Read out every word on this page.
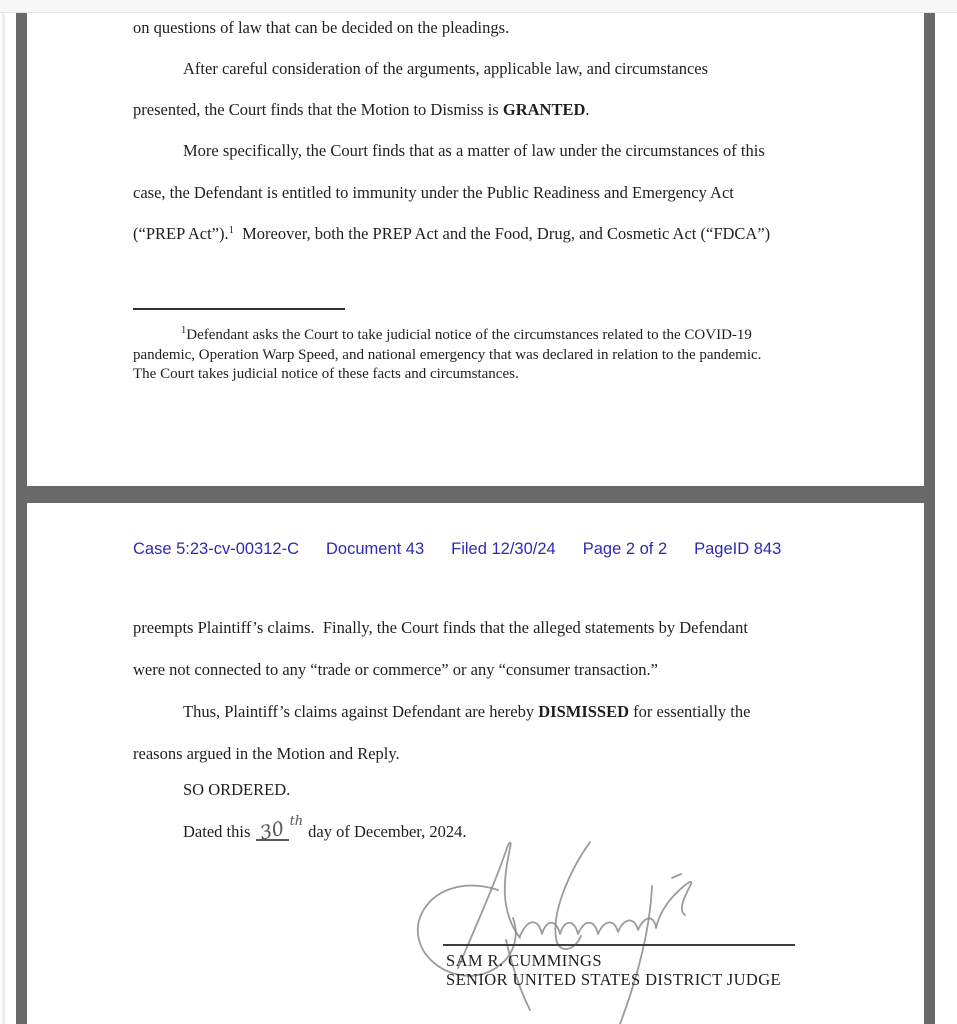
on questions of law that can be decided on the pleadings.
After careful consideration of the arguments, applicable law, and circumstances
presented, the Court finds that the Motion to Dismiss is GRANTED.
More specifically, the Court finds that as a matter of law under the circumstances of this
case, the Defendant is entitled to immunity under the Public Readiness and Emergency Act
(“PREP Act”).$^1$  Moreover, both the PREP Act and the Food, Drug, and Cosmetic Act (“FDCA”)
$^1$Defendant asks the Court to take judicial notice of the circumstances related to the COVID-19
pandemic, Operation Warp Speed, and national emergency that was declared in relation to the pandemic.
The Court takes judicial notice of these facts and circumstances.
Case 5:23-cv-00312-C Document 43 Filed 12/30/24 Page 2 of 2 PageID 843
preempts Plaintiff’s claims.  Finally, the Court finds that the alleged statements by Defendant
were not connected to any “trade or commerce” or any “consumer transaction.”
Thus, Plaintiff’s claims against Defendant are hereby DISMISSED for essentially the
reasons argued in the Motion and Reply.
SO ORDERED.
Dated this 30 $^{th}$day of December, 2024.
SAM R. CUMMINGS
SENIOR UNITED STATES DISTRICT JUDGE
